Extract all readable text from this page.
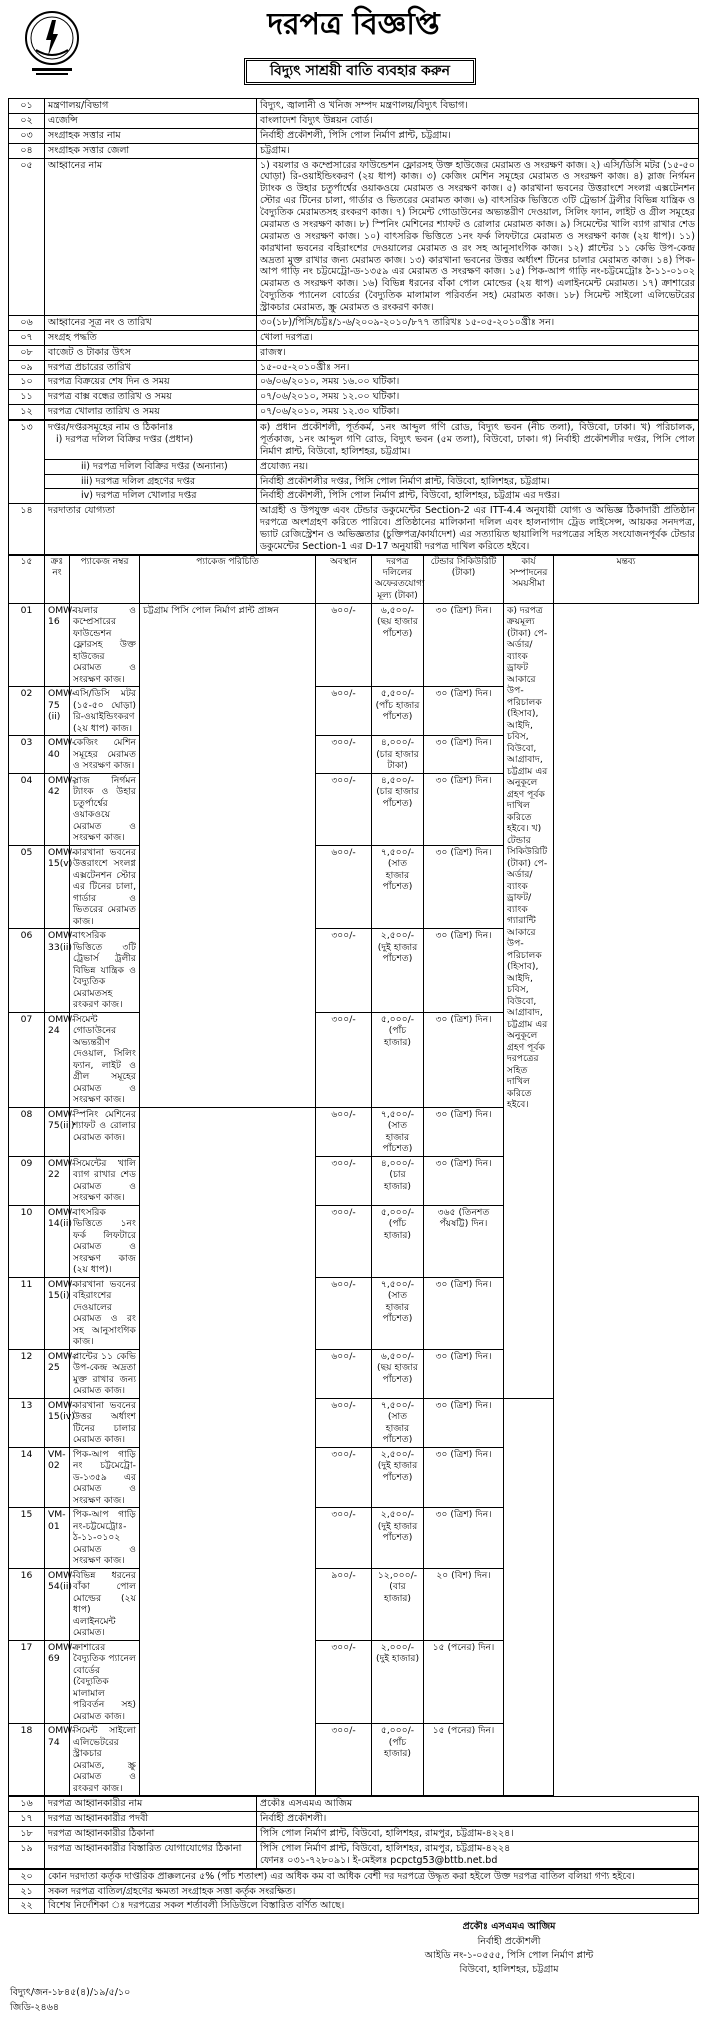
দরপত্র বিজ্ঞপ্তি
বিদ্যুৎ সাশ্রয়ী বাতি ব্যবহার করুন
০১	মন্ত্রণালয়/বিভাগ	বিদ্যুৎ, জ্বালানী ও খনিজ সম্পদ মন্ত্রণালয়/বিদ্যুৎ বিভাগ।
০২	এজেন্সি	বাংলাদেশ বিদ্যুৎ উন্নয়ন বোর্ড।
০৩	সংগ্রাহক সত্তার নাম	নির্বাহী প্রকৌশলী, পিসি পোল নির্মাণ প্লান্ট, চট্টগ্রাম।
০৪	সংগ্রাহক সত্তার জেলা	চট্টগ্রাম।
০৫	আহ্বানের নাম	১) বয়লার ও কম্প্রেসারের ফাউন্ডেশন ফ্লোরসহ উক্ত হাউজের মেরামত ও সংরক্ষণ কাজ। ২) এসি/ডিসি মটর (১৫-৫০ ঘোড়া) রি-ওয়াইন্ডিংকরণ (২য় ধাপ) কাজ। ৩) কেজিং মেশিন সমূহের মেরামত ও সংরক্ষণ কাজ। ৪) স্লাজ নির্গমন ট্যাংক ও উহার চতুর্পার্শ্বের ওয়াকওয়ে মেরামত ও সংরক্ষণ কাজ। ৫) কারখানা ভবনের উত্তরাংশে সংলগ্ন এক্সটেনশন স্টোর এর টিনের চালা, গার্ডার ও ভিতরের মেরামত কাজ। ৬) বাৎসরিক ভিত্তিতে ৩টি ট্রেভার্স ট্রলীর বিভিন্ন যান্ত্রিক ও বৈদ্যুতিক মেরামতসহ রংকরণ কাজ। ৭) সিমেন্ট গোডাউনের অভ্যন্তরীণ দেওয়াল, সিলিং ফ্যান, লাইট ও গ্রীল সমূহের মেরামত ও সংরক্ষণ কাজ। ৮) স্পিনিং মেশিনের শ্যাফট ও রোলার মেরামত কাজ। ৯) সিমেন্টের খালি ব্যাগ রাখার শেড মেরামত ও সংরক্ষণ কাজ। ১০) বাৎসরিক ভিত্তিতে ১নং ফর্ক লিফটারে মেরামত ও সংরক্ষণ কাজ (২য় ধাপ)। ১১) কারখানা ভবনের বহিরাংশের দেওয়ালের মেরামত ও রং সহ আনুসাংগিক কাজ। ১২) প্লান্টের ১১ কেভি উপ-কেন্দ্র অদ্রতা মুক্ত রাখার জন্য মেরামত কাজ। ১৩) কারখানা ভবনের উত্তর অর্ধাংশ টিনের চালার মেরামত কাজ। ১৪) পিক-আপ গাড়ি নং চট্টমেট্রো-ড-১৩৫৯ এর মেরামত ও সংরক্ষণ কাজ। ১৫) পিক-আপ গাড়ি নং-চট্টমেট্রোঃ ঠ-১১-০১০২ মেরামত ও সংরক্ষণ কাজ। ১৬) বিভিন্ন ধরনের বাঁকা পোল মোল্ডের (২য় ধাপ) এলাইনমেন্ট মেরামত। ১৭) ক্রাশারের বৈদ্যুতিক প্যানেল বোর্ডের (বৈদ্যুতিক মালামাল পরিবর্তন সহ) মেরামত কাজ। ১৮) সিমেন্ট সাইলো এলিভেটরের স্ট্রাকচার মেরামত, স্ক্রু মেরামত ও রংকরণ কাজ।
০৬	আহ্বানের সূত্র নং ও তারিখ	৩০(১৮)/পিসি/চট্টঃ/১-৬/২০০৯-২০১০/৮৭৭ তারিখঃ ১৫-০৫-২০১০খ্রীঃ সন।
০৭	সংগ্রহ পদ্ধতি	খোলা দরপত্র।
০৮	বাজেট ও টাকার উৎস	রাজস্ব।
০৯	দরপত্র প্রচারের তারিখ	১৫-০৫-২০১০খ্রীঃ সন।
১০	দরপত্র বিক্রয়ের শেষ দিন ও সময়	০৬/০৬/২০১০, সময় ১৬.০০ ঘটিকা।
১১	দরপত্র বাক্স বন্ধের তারিখ ও সময়	০৭/০৬/২০১০, সময় ১২.০০ ঘটিকা।
১২	দরপত্র খোলার তারিখ ও সময়	০৭/০৬/২০১০, সময় ১২.৩০ ঘটিকা।
১৩	দপ্তর/দপ্তরসমূহের নাম ও ঠিকানাঃ
i) দরপত্র দলিল বিক্রির দপ্তর (প্রধান)	ক) প্রধান প্রকৌশলী, পূর্তকর্ম, ১নং আব্দুল গণি রোড, বিদ্যুৎ ভবন (নীচ তলা), বিউবো, ঢাকা। খ) পরিচালক, পূর্তকাজ, ১নং আব্দুল গণি রোড, বিদ্যুৎ ভবন (৫ম তলা), বিউবো, ঢাকা। গ) নির্বাহী প্রকৌশলীর দপ্তর, পিসি পোল নির্মাণ প্লান্ট, বিউবো, হালিশহর, চট্টগ্রাম।
	ii) দরপত্র দলিল বিক্রির দপ্তর (অন্যান্য)	প্রযোজ্য নয়।
	iii) দরপত্র দলিল গ্রহণের দপ্তর	নির্বাহী প্রকৌশলীর দপ্তর, পিসি পোল নির্মাণ প্লান্ট, বিউবো, হালিশহর, চট্টগ্রাম।
	iv) দরপত্র দলিল খোলার দপ্তর	নির্বাহী প্রকৌশলী, পিসি পোল নির্মাণ প্লান্ট, বিউবো, হালিশহর, চট্টগ্রাম এর দপ্তর।
১৪	দরদাতার যোগ্যতা	আগ্রহী ও উপযুক্ত এবং টেন্ডার ডকুমেন্টের Section-2 এর ITT-4.4 অনুযায়ী যোগ্য ও অভিজ্ঞ ঠিকাদারী প্রতিষ্ঠান দরপত্রে অংশগ্রহণ করিতে পারিবে। প্রতিষ্ঠানের মালিকানা দলিল এবং হালনাগাদ ট্রেড লাইসেন্স, আয়কর সনদপত্র, ভ্যাট রেজিস্ট্রেশন ও অভিজ্ঞতার (চুক্তিপত্র/কার্যাদেশ) এর সত্যায়িত ছায়ালিপি দরপত্রের সহিত সংযোজনপূর্বক টেন্ডার ডকুমেন্টের Section-1 এর D-17 অনুযায়ী দরপত্র দাখিল করিতে হইবে।
১৫	ক্রঃ নং	প্যাকেজ নম্বর	প্যাকেজ পরিচিতি	অবস্থান	দরপত্র দলিলের অফেরতযোগ্য মূল্য (টাকা)	টেন্ডার সিকিউরিটি (টাকা)	কার্য সম্পাদনের সময়সীমা	মন্তব্য
01	OMW-16	বয়লার ও কম্প্রেসারের ফাউন্ডেশন ফ্লোরসহ উক্ত হাউজের মেরামত ও সংরক্ষণ কাজ।	চট্টগ্রাম পিসি পোল নির্মাণ প্লান্ট প্রাঙ্গন	৬০০/-	৬,৫০০/- (ছয় হাজার পাঁচশত)	৩০ (ত্রিশ) দিন।	ক) দরপত্র ক্রয়মূল্য (টাকা) পে-অর্ডার/ব্যাংক ড্রাফট আকারে উপ-পরিচালক (হিসাব), আইদি, চবিস, বিউবো, আগ্রাবাদ, চট্টগ্রাম এর অনুকূলে গ্রহণ পূর্বক দাখিল করিতে হইবে। খ) টেন্ডার সিকিউরিটি (টাকা) পে-অর্ডার/ব্যাংক ড্রাফট/ব্যাংক গ্যারান্টি আকারে উপ-পরিচালক (হিসাব), আইদি, চবিস, বিউবো, আগ্রাবাদ, চট্টগ্রাম এর অনুকূলে গ্রহণ পূর্বক দরপত্রের সহিত দাখিল করিতে হইবে।	
02	OMW-75 (ii)	এসি/ডিসি মটর (১৫-৫০ ঘোড়া) রি-ওয়াইন্ডিংকরণ (২য় ধাপ) কাজ।		৬০০/-	৫,৫০০/- (পাঁচ হাজার পাঁচশত)	৩০ (ত্রিশ) দিন।		
03	OMW-40	কেজিং মেশিন সমূহের মেরামত ও সংরক্ষণ কাজ।		৩০০/-	৪,০০০/- (চার হাজার টাকা)	৩০ (ত্রিশ) দিন।		
04	OMW-42	স্লাজ নির্গমন ট্যাংক ও উহার চতুর্পার্শ্বের ওয়াকওয়ে মেরামত ও সংরক্ষণ কাজ।		৩০০/-	৪,৫০০/- (চার হাজার পাঁচশত)	৩০ (ত্রিশ) দিন।		
05	OMW-15(v)	কারখানা ভবনের উত্তরাংশে সংলগ্ন এক্সটেনশন স্টোর এর টিনের চালা, গার্ডার ও ভিতরের মেরামত কাজ।		৬০০/-	৭,৫০০/- (সাত হাজার পাঁচশত)	৩০ (ত্রিশ) দিন।		
06	OMW-33(ii)	বাৎসরিক ভিত্তিতে ৩টি ট্রেভার্স ট্রলীর বিভিন্ন যান্ত্রিক ও বৈদ্যুতিক মেরামতসহ রংকরণ কাজ।		৩০০/-	২,৫০০/- (দুই হাজার পাঁচশত)	৩০ (ত্রিশ) দিন।		
07	OMW-24	সিমেন্ট গোডাউনের অভ্যন্তরীণ দেওয়াল, সিলিং ফ্যান, লাইট ও গ্রীল সমূহের মেরামত ও সংরক্ষণ কাজ।		৩০০/-	৫,০০০/- (পাঁচ হাজার)	৩০ (ত্রিশ) দিন।		
08	OMW-75(iii)	স্পিনিং মেশিনের শ্যাফট ও রোলার মেরামত কাজ।		৬০০/-	৭,৫০০/- (সাত হাজার পাঁচশত)	৩০ (ত্রিশ) দিন।		
09	OMW-22	সিমেন্টের খালি ব্যাগ রাখার শেড মেরামত ও সংরক্ষণ কাজ।		৩০০/-	৪,০০০/- (চার হাজার)	৩০ (ত্রিশ) দিন।		
10	OMW-14(ii)	বাৎসরিক ভিত্তিতে ১নং ফর্ক লিফটারে মেরামত ও সংরক্ষণ কাজ (২য় ধাপ)।		৩০০/-	৫,০০০/- (পাঁচ হাজার)	৩৬৫ (তিনশত পঁয়ষট্টি) দিন।		
11	OMW-15(i)	কারখানা ভবনের বহিরাংশের দেওয়ালের মেরামত ও রং সহ আনুসাংগিক কাজ।		৬০০/-	৭,৫০০/- (সাত হাজার পাঁচশত)	৩০ (ত্রিশ) দিন।		
12	OMW-25	প্লান্টের ১১ কেভি উপ-কেন্দ্র অদ্রতা মুক্ত রাখার জন্য মেরামত কাজ।		৬০০/-	৬,৫০০/- (ছয় হাজার পাঁচশত)	৩০ (ত্রিশ) দিন।		
13	OMW-15(iv)	কারখানা ভবনের উত্তর অর্ধাংশ টিনের চালার মেরামত কাজ।		৬০০/-	৭,৫০০/- (সাত হাজার পাঁচশত)	৩০ (ত্রিশ) দিন।		
14	VM-02	পিক-আপ গাড়ি নং চট্টমেট্রো-ড-১৩৫৯ এর মেরামত ও সংরক্ষণ কাজ।		৩০০/-	২,৫০০/- (দুই হাজার পাঁচশত)	৩০ (ত্রিশ) দিন।		
15	VM-01	পিক-আপ গাড়ি নং-চট্টমেট্রোঃ-ঠ-১১-০১০২ মেরামত ও সংরক্ষণ কাজ।		৩০০/-	২,৫০০/- (দুই হাজার পাঁচশত)	৩০ (ত্রিশ) দিন।		
16	OMW-54(ii)	বিভিন্ন ধরনের বাঁকা পোল মোল্ডের (২য় ধাপ) এলাইনমেন্ট মেরামত।		৯০০/-	১২,০০০/- (বার হাজার)	২০ (বিশ) দিন।		
17	OMW-69	ক্রাশারের বৈদ্যুতিক প্যানেল বোর্ডের (বৈদ্যুতিক মালামাল পরিবর্তন সহ) মেরামত কাজ।		৩০০/-	২,০০০/- (দুই হাজার)	১৫ (পনের) দিন।		
18	OMW-74	সিমেন্ট সাইলো এলিভেটরের স্ট্রাকচার মেরামত, স্ক্রু মেরামত ও রংকরণ কাজ।		৩০০/-	৫,০০০/- (পাঁচ হাজার)	১৫ (পনের) দিন।		
১৬	দরপত্র আহ্বানকারীর নাম	প্রকৌঃ এসএমএ আজিম
১৭	দরপত্র আহ্বানকারীর পদবী	নির্বাহী প্রকৌশলী।
১৮	দরপত্র আহ্বানকারীর ঠিকানা	পিসি পোল নির্মাণ প্লান্ট, বিউবো, হালিশহর, রামপুর, চট্টগ্রাম-৪২২৪।
১৯	দরপত্র আহ্বানকারীর বিস্তারিত যোগাযোগের ঠিকানা	পিসি পোল নির্মাণ প্লান্ট, বিউবো, হালিশহর, রামপুর, চট্টগ্রাম-৪২২৪
ফোনঃ ০৩১-৭২৮০৯১। ই-মেইলঃ pcpctg53@bttb.net.bd
২০	কোন দরদাতা কর্তৃক দাপ্তরিক প্রাক্কলনের ৫% (পাঁচ শতাংশ) এর অধিক কম বা অধিক বেশী দর দরপত্রে উদ্ধৃত করা হইলে উক্ত দরপত্র বাতিল বলিয়া গণ্য হইবে।
২১	সকল দরপত্র বাতিল/গ্রহণের ক্ষমতা সংগ্রাহক সত্তা কর্তৃক সংরক্ষিত।
২২	বিশেষ নির্দেশিকা ঃ দরপত্রের সকল শর্তাবলী সিডিউলে বিস্তারিত বর্ণিত আছে।
প্রকৌঃ এসএমএ আজিম
নির্বাহী প্রকৌশলী
আইডি নং-১-০৫৫৫, পিসি পোল নির্মাণ প্লান্ট
বিউবো, হালিশহর, চট্টগ্রাম
বিদ্যুৎ/জন-১৮৪৫(৪)/১৯/৫/১০
জিডি-২৪৬৪
